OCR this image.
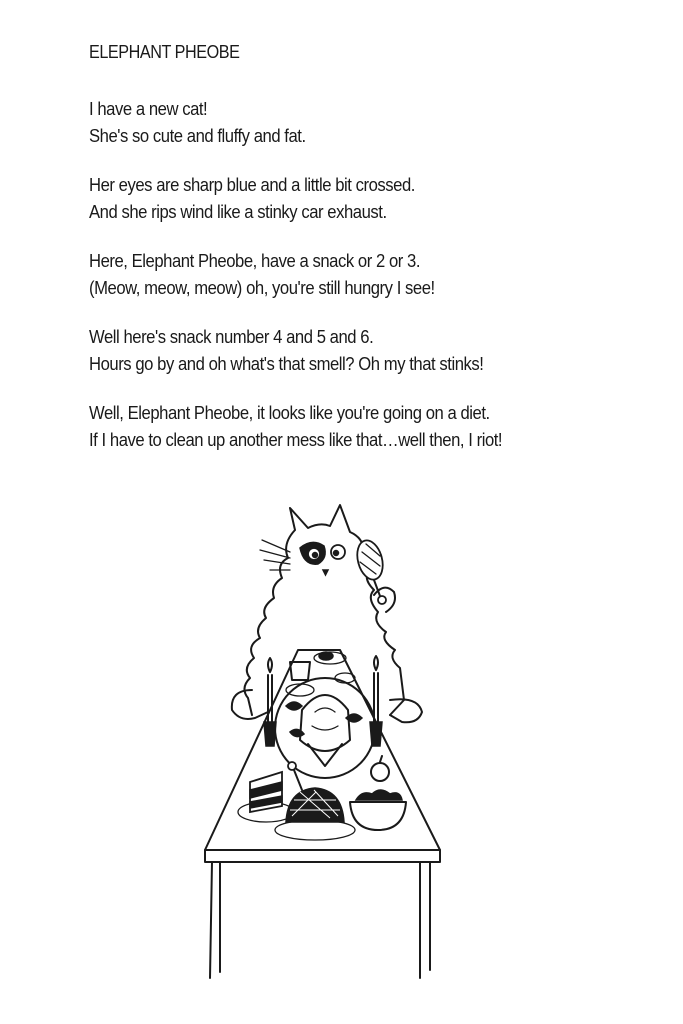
ELEPHANT PHEOBE
I have a new cat!
She's so cute and fluffy and fat.
Her eyes are sharp blue and a little bit crossed.
And she rips wind like a stinky car exhaust.
Here, Elephant Pheobe, have a snack or 2 or 3.
(Meow, meow, meow) oh, you're still hungry I see!
Well here's snack number 4 and 5 and 6.
Hours go by and oh what's that smell? Oh my that stinks!
Well, Elephant Pheobe, it looks like you're going on a diet.
If I have to clean up another mess like that…well then, I riot!
